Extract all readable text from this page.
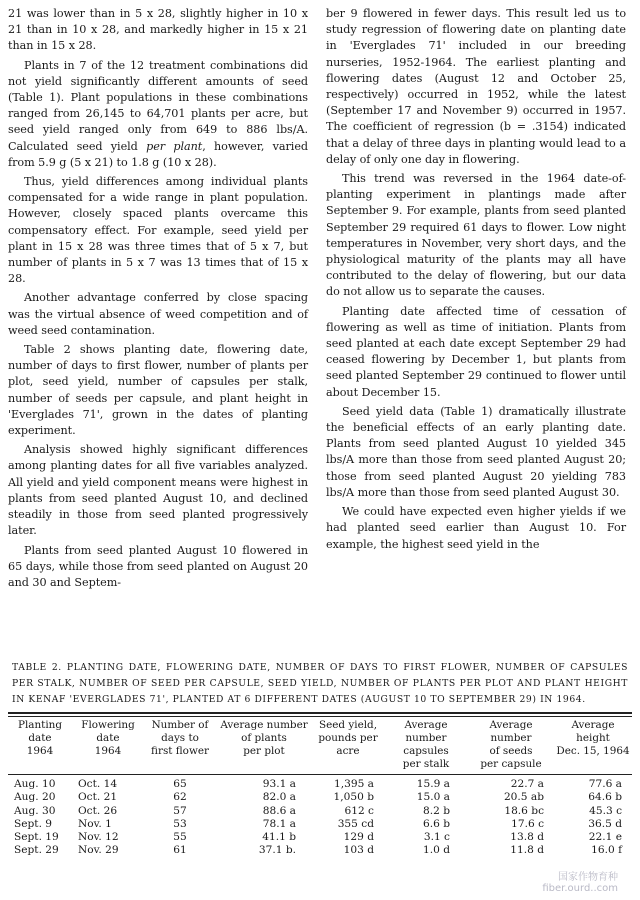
21 was lower than in 5 x 28, slightly higher in 10 x 21 than in 10 x 28, and markedly higher in 15 x 21 than in 15 x 28.

Plants in 7 of the 12 treatment combinations did not yield significantly different amounts of seed (Table 1). Plant populations in these combinations ranged from 26,145 to 64,701 plants per acre, but seed yield ranged only from 649 to 886 lbs/A. Calculated seed yield per plant, however, varied from 5.9 g (5 x 21) to 1.8 g (10 x 28).

Thus, yield differences among individual plants compensated for a wide range in plant population. However, closely spaced plants overcame this compensatory effect. For example, seed yield per plant in 15 x 28 was three times that of 5 x 7, but number of plants in 5 x 7 was 13 times that of 15 x 28.

Another advantage conferred by close spacing was the virtual absence of weed competition and of weed seed contamination.

Table 2 shows planting date, flowering date, number of days to first flower, number of plants per plot, seed yield, number of capsules per stalk, number of seeds per capsule, and plant height in 'Everglades 71', grown in the dates of planting experiment.

Analysis showed highly significant differences among planting dates for all five variables analyzed. All yield and yield component means were highest in plants from seed planted August 10, and declined steadily in those from seed planted progressively later.

Plants from seed planted August 10 flowered in 65 days, while those from seed planted on August 20 and 30 and Septem-

ber 9 flowered in fewer days. This result led us to study regression of flowering date on planting date in 'Everglades 71' included in our breeding nurseries, 1952-1964. The earliest planting and flowering dates (August 12 and October 25, respectively) occurred in 1952, while the latest (September 17 and November 9) occurred in 1957. The coefficient of regression (b = .3154) indicated that a delay of three days in planting would lead to a delay of only one day in flowering.

This trend was reversed in the 1964 date-of-planting experiment in plantings made after September 9. For example, plants from seed planted September 29 required 61 days to flower. Low night temperatures in November, very short days, and the physiological maturity of the plants may all have contributed to the delay of flowering, but our data do not allow us to separate the causes.

Planting date affected time of cessation of flowering as well as time of initiation. Plants from seed planted at each date except September 29 had ceased flowering by December 1, but plants from seed planted September 29 continued to flower until about December 15.

Seed yield data (Table 1) dramatically illustrate the beneficial effects of an early planting date. Plants from seed planted August 10 yielded 345 lbs/A more than those from seed planted August 20; those from seed planted August 20 yielding 783 lbs/A more than those from seed planted August 30.

We could have expected even higher yields if we had planted seed earlier than August 10. For example, the highest seed yield in the

TABLE 2. PLANTING DATE, FLOWERING DATE, NUMBER OF DAYS TO FIRST FLOWER, NUMBER OF CAPSULES PER STALK, NUMBER OF SEED PER CAPSULE, SEED YIELD, NUMBER OF PLANTS PER PLOT AND PLANT HEIGHT IN KENAF 'EVERGLADES 71', PLANTED AT 6 DIFFERENT DATES (AUGUST 10 TO SEPTEMBER 29) IN 1964.
Planting
date
1964	Flowering
date
1964	Number of
days to
first flower	Average number
of plants
per plot	Seed yield,
pounds per
acre	Average number
capsules
per stalk	Average number
of seeds
per capsule	Average
height
Dec. 15, 1964

Aug. 10	Oct. 14	65	93.1 a	1,395 a	15.9 a	22.7 a	77.6 a
Aug. 20	Oct. 21	62	82.0 a	1,050 b	15.0 a	20.5 ab	64.6 b
Aug. 30	Oct. 26	57	88.6 a	612 c	8.2 b	18.6 bc	45.3 c
Sept. 9	Nov. 1	53	78.1 a	355 cd	6.6 b	17.6 c	36.5 d
Sept. 19	Nov. 12	55	41.1 b	129 d	3.1 c	13.8 d	22.1 e
Sept. 29	Nov. 29	61	37.1 b.	103 d	1.0 d	11.8 d	16.0 f
国家作物育种
fiber.ourd..com
